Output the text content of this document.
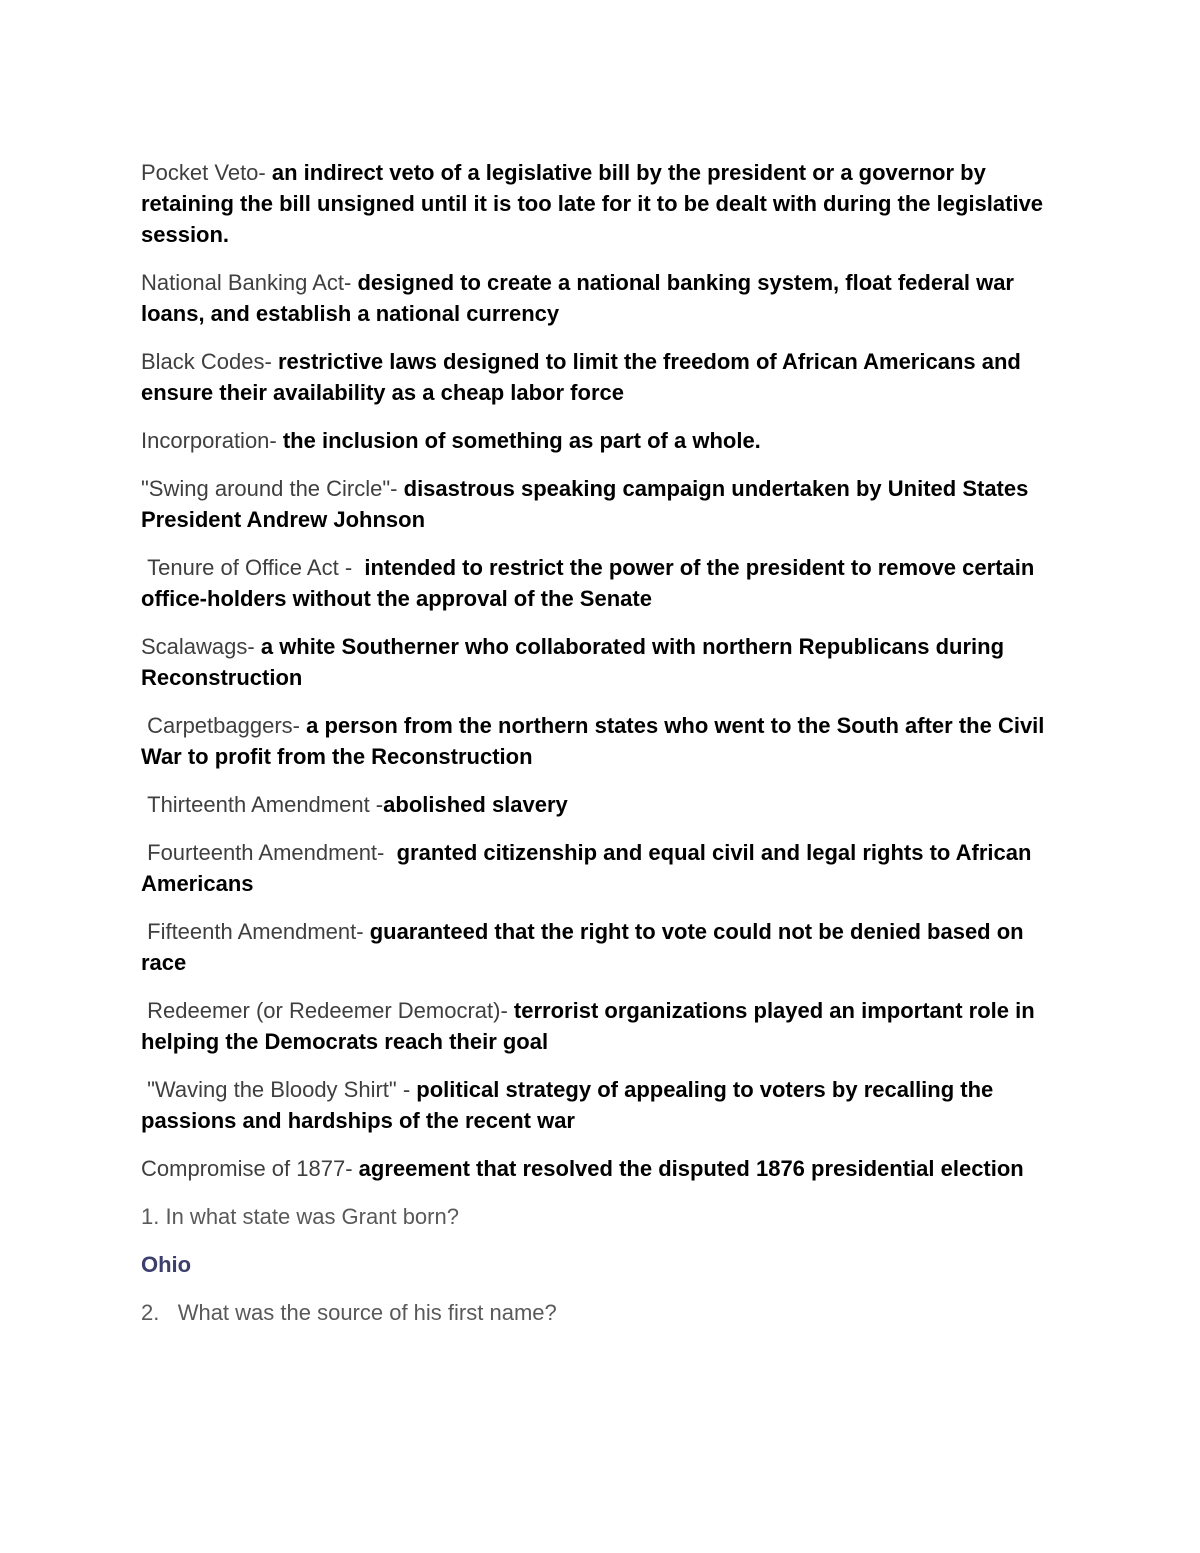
Pocket Veto- an indirect veto of a legislative bill by the president or a governor by retaining the bill unsigned until it is too late for it to be dealt with during the legislative session.

National Banking Act- designed to create a national banking system, float federal war loans, and establish a national currency

Black Codes- restrictive laws designed to limit the freedom of African Americans and ensure their availability as a cheap labor force

Incorporation- the inclusion of something as part of a whole.

"Swing around the Circle"- disastrous speaking campaign undertaken by United States President Andrew Johnson

Tenure of Office Act -  intended to restrict the power of the president to remove certain office-holders without the approval of the Senate

Scalawags- a white Southerner who collaborated with northern Republicans during Reconstruction

Carpetbaggers- a person from the northern states who went to the South after the Civil War to profit from the Reconstruction

Thirteenth Amendment -abolished slavery

Fourteenth Amendment-  granted citizenship and equal civil and legal rights to African Americans

Fifteenth Amendment- guaranteed that the right to vote could not be denied based on race

Redeemer (or Redeemer Democrat)- terrorist organizations played an important role in helping the Democrats reach their goal

"Waving the Bloody Shirt" - political strategy of appealing to voters by recalling the passions and hardships of the recent war

Compromise of 1877- agreement that resolved the disputed 1876 presidential election

1. In what state was Grant born?

Ohio

2.   What was the source of his first name?
